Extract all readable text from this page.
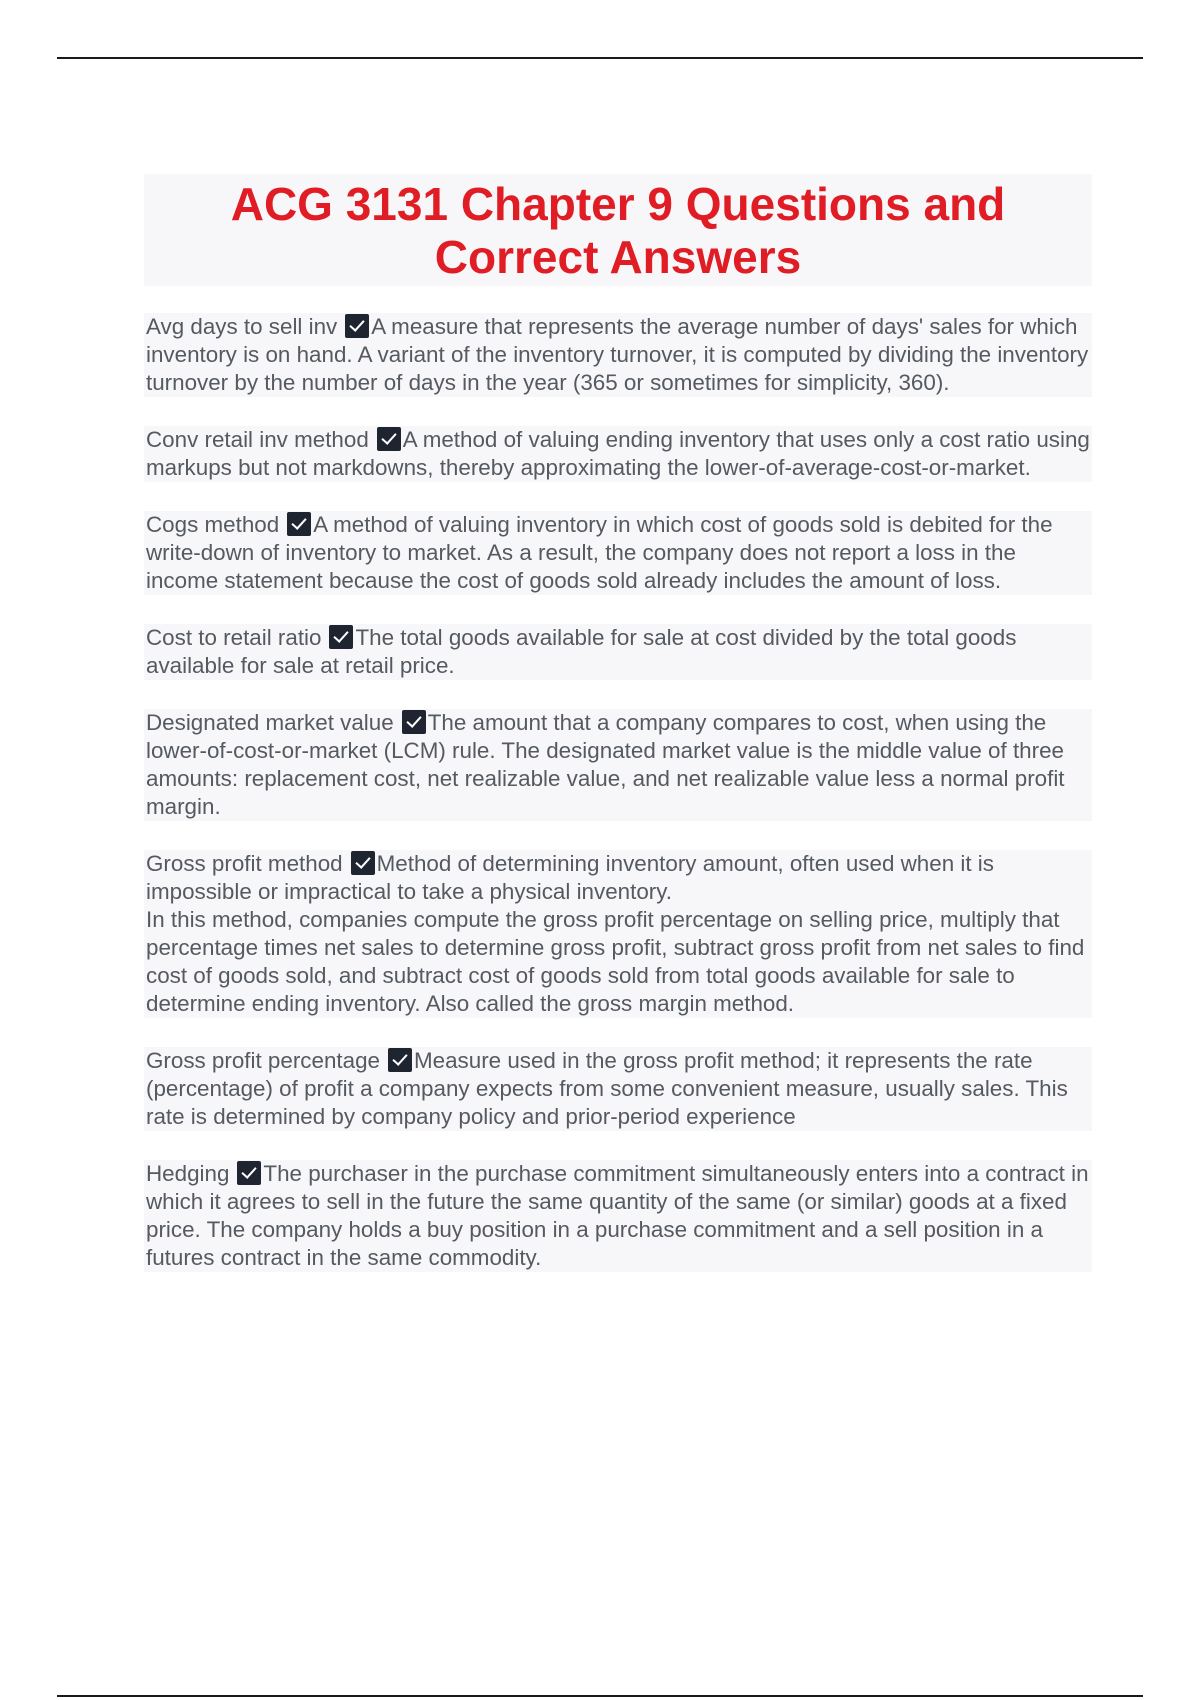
ACG 3131 Chapter 9 Questions and
Correct Answers

Avg days to sell inv A measure that represents the average number of days' sales for which inventory is on hand. A variant of the inventory turnover, it is computed by dividing the inventory turnover by the number of days in the year (365 or sometimes for simplicity, 360).

Conv retail inv method A method of valuing ending inventory that uses only a cost ratio using markups but not markdowns, thereby approximating the lower-of-average-cost-or-market.

Cogs method A method of valuing inventory in which cost of goods sold is debited for the write-down of inventory to market. As a result, the company does not report a loss in the income statement because the cost of goods sold already includes the amount of loss.

Cost to retail ratio The total goods available for sale at cost divided by the total goods available for sale at retail price.

Designated market value The amount that a company compares to cost, when using the lower-of-cost-or-market (LCM) rule. The designated market value is the middle value of three amounts: replacement cost, net realizable value, and net realizable value less a normal profit margin.

Gross profit method Method of determining inventory amount, often used when it is impossible or impractical to take a physical inventory.
In this method, companies compute the gross profit percentage on selling price, multiply that percentage times net sales to determine gross profit, subtract gross profit from net sales to find cost of goods sold, and subtract cost of goods sold from total goods available for sale to determine ending inventory. Also called the gross margin method.

Gross profit percentage Measure used in the gross profit method; it represents the rate (percentage) of profit a company expects from some convenient measure, usually sales. This rate is determined by company policy and prior-period experience

Hedging The purchaser in the purchase commitment simultaneously enters into a contract in which it agrees to sell in the future the same quantity of the same (or similar) goods at a fixed price. The company holds a buy position in a purchase commitment and a sell position in a futures contract in the same commodity.
